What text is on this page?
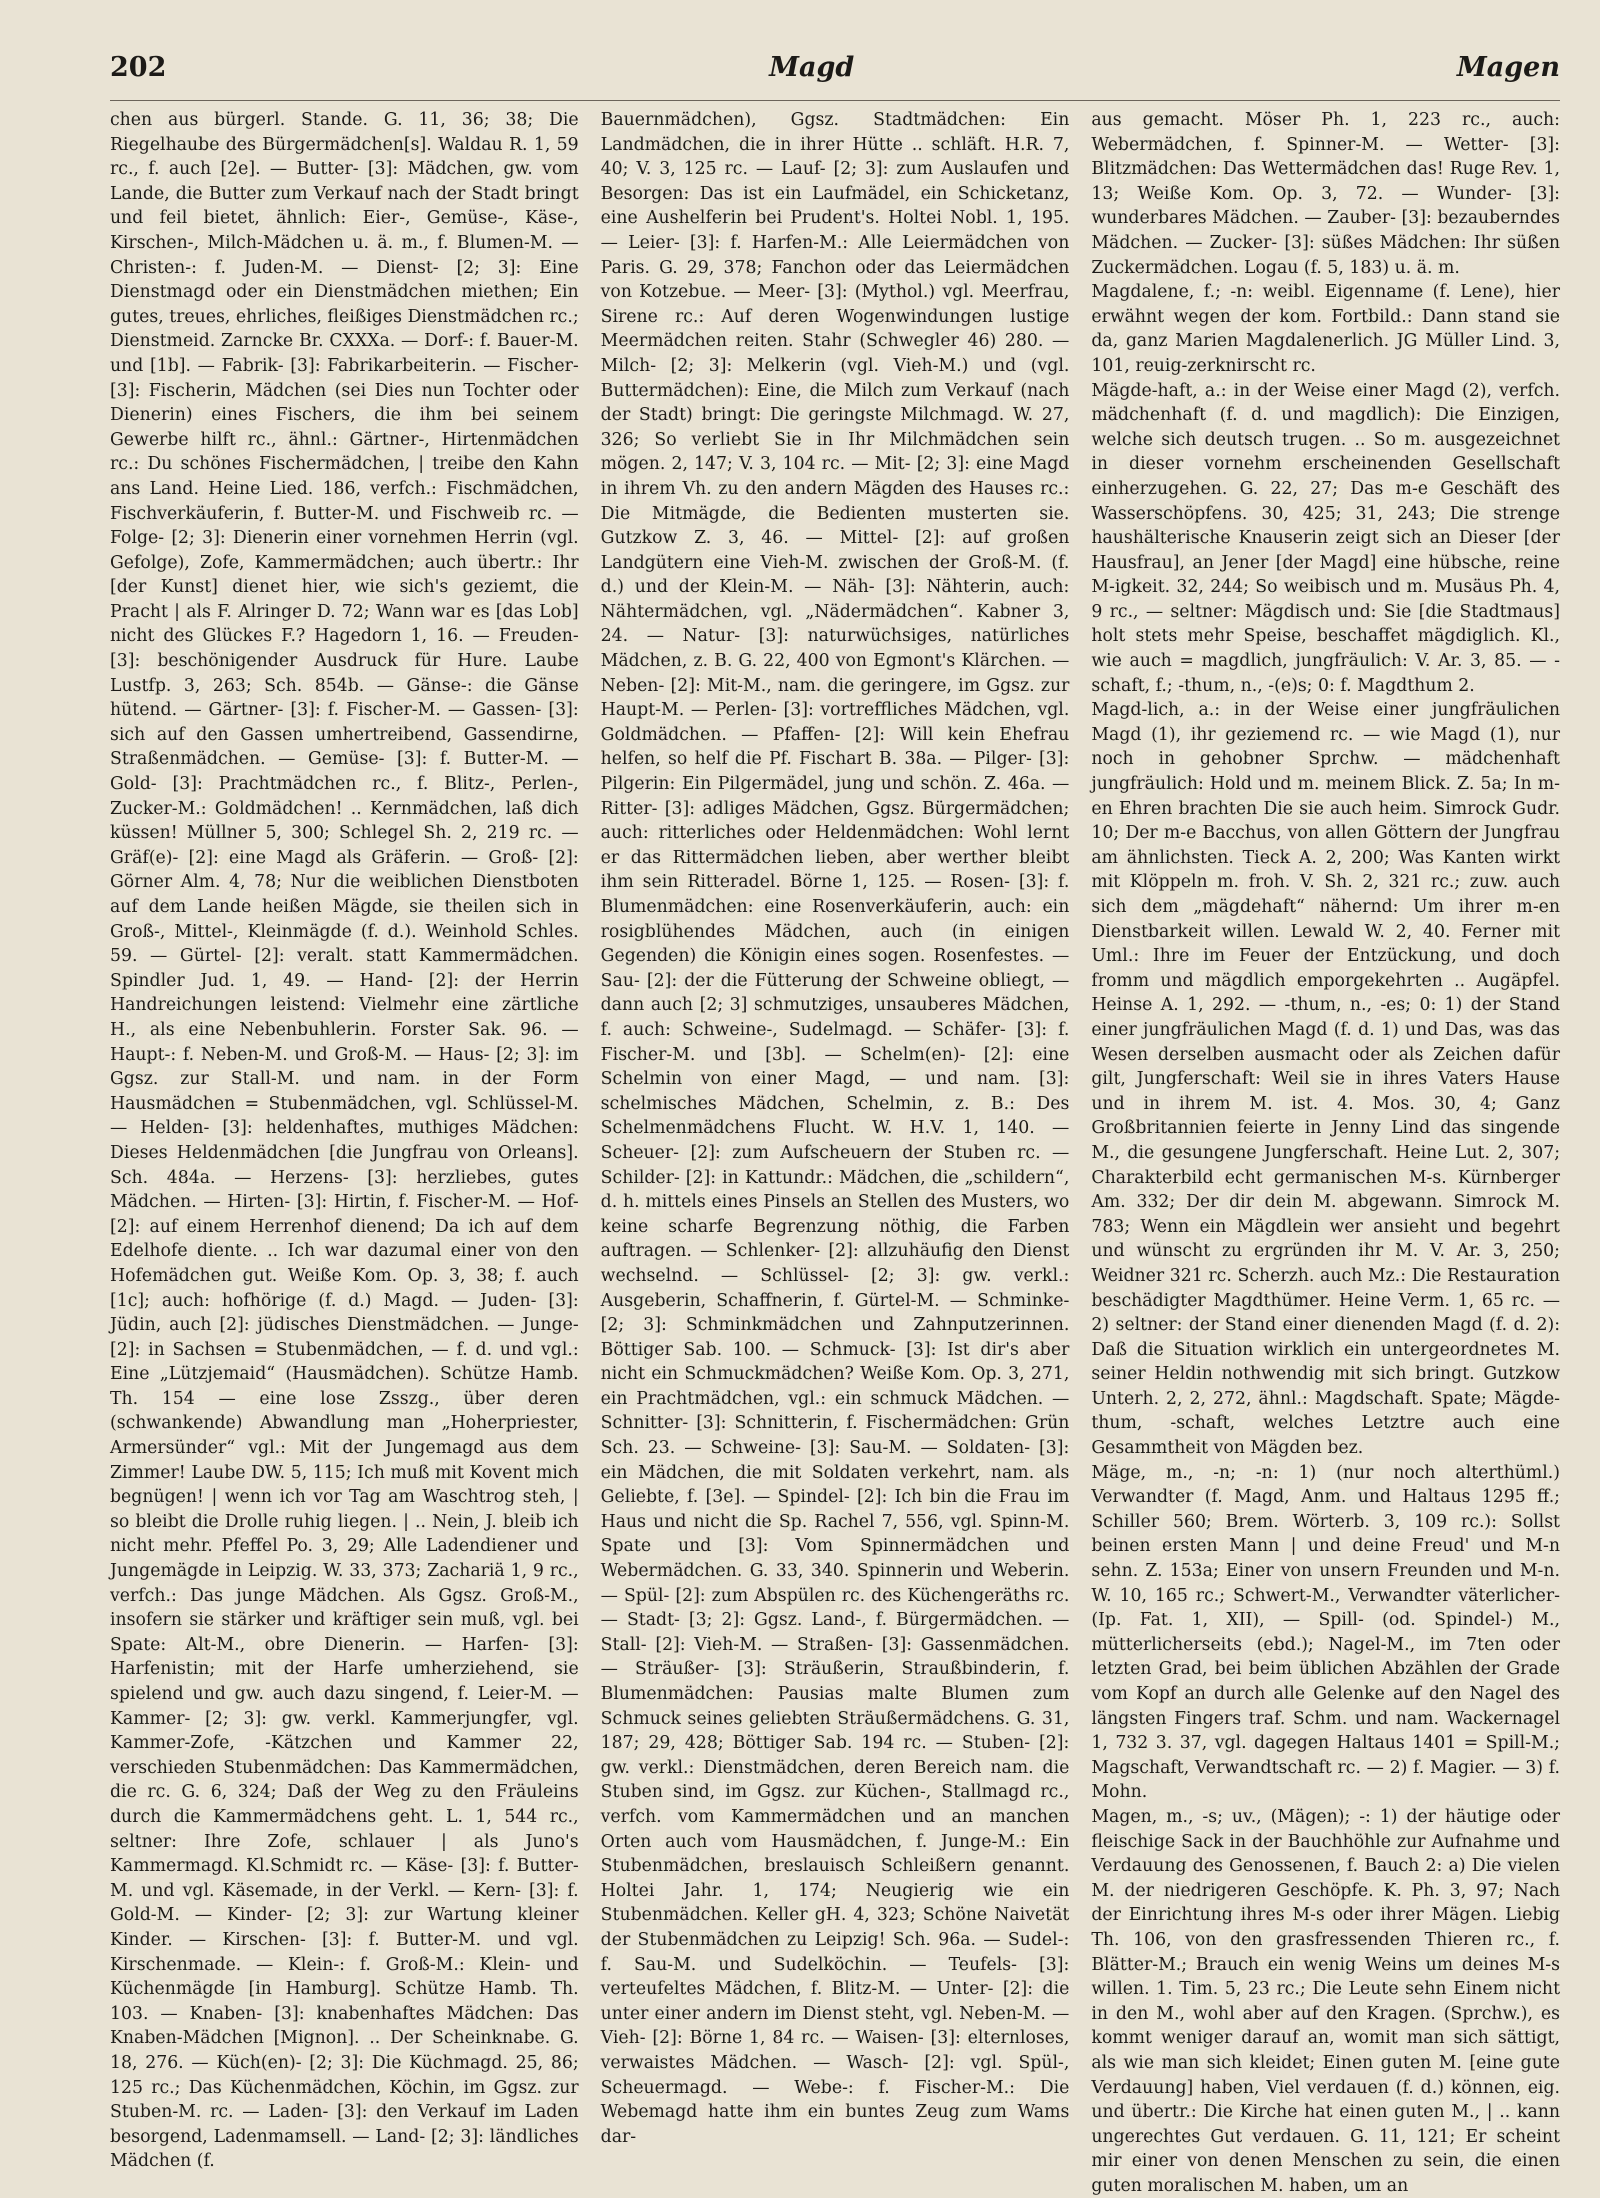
202	Magd	Magen

chen aus bürgerl. Stande. G. 11, 36; 38; Die Riegelhaube des Bürgermädchen[s]. Waldau R. 1, 59 rc., f. auch [2e]. — Butter- [3]: Mädchen, gw. vom Lande, die Butter zum Verkauf nach der Stadt bringt und feil bietet, ähnlich: Eier-, Gemüse-, Käse-, Kirschen-, Milch-Mädchen u. ä. m., f. Blumen-M. — Christen-: f. Juden-M. — Dienst- [2; 3]: Eine Dienstmagd oder ein Dienstmädchen miethen; Ein gutes, treues, ehrliches, fleißiges Dienstmädchen rc.; Dienstmeid. Zarncke Br. CXXXa. — Dorf-: f. Bauer-M. und [1b]. — Fabrik- [3]: Fabrikarbeiterin. — Fischer- [3]: Fischerin, Mädchen (sei Dies nun Tochter oder Dienerin) eines Fischers, die ihm bei seinem Gewerbe hilft rc., ähnl.: Gärtner-, Hirtenmädchen rc.: Du schönes Fischermädchen, | treibe den Kahn ans Land. Heine Lied. 186, verfch.: Fischmädchen, Fischverkäuferin, f. Butter-M. und Fischweib rc. — Folge- [2; 3]: Dienerin einer vornehmen Herrin (vgl. Gefolge), Zofe, Kammermädchen; auch übertr.: Ihr [der Kunst] dienet hier, wie sich's geziemt, die Pracht | als F. Alringer D. 72; Wann war es [das Lob] nicht des Glückes F.? Hagedorn 1, 16. — Freuden- [3]: beschönigender Ausdruck für Hure. Laube Lustfp. 3, 263; Sch. 854b. — Gänse-: die Gänse hütend. — Gärtner- [3]: f. Fischer-M. — Gassen- [3]: sich auf den Gassen umhertreibend, Gassendirne, Straßenmädchen. — Gemüse- [3]: f. Butter-M. — Gold- [3]: Prachtmädchen rc., f. Blitz-, Perlen-, Zucker-M.: Goldmädchen! .. Kernmädchen, laß dich küssen! Müllner 5, 300; Schlegel Sh. 2, 219 rc. — Gräf(e)- [2]: eine Magd als Gräferin. — Groß- [2]: Görner Alm. 4, 78; Nur die weiblichen Dienstboten auf dem Lande heißen Mägde, sie theilen sich in Groß-, Mittel-, Kleinmägde (f. d.). Weinhold Schles. 59. — Gürtel- [2]: veralt. statt Kammermädchen. Spindler Jud. 1, 49. — Hand- [2]: der Herrin Handreichungen leistend: Vielmehr eine zärtliche H., als eine Nebenbuhlerin. Forster Sak. 96. — Haupt-: f. Neben-M. und Groß-M. — Haus- [2; 3]: im Ggsz. zur Stall-M. und nam. in der Form Hausmädchen = Stubenmädchen, vgl. Schlüssel-M. — Helden- [3]: heldenhaftes, muthiges Mädchen: Dieses Heldenmädchen [die Jungfrau von Orleans]. Sch. 484a. — Herzens- [3]: herzliebes, gutes Mädchen. — Hirten- [3]: Hirtin, f. Fischer-M. — Hof- [2]: auf einem Herrenhof dienend; Da ich auf dem Edelhofe diente. .. Ich war dazumal einer von den Hofemädchen gut. Weiße Kom. Op. 3, 38; f. auch [1c]; auch: hofhörige (f. d.) Magd. — Juden- [3]: Jüdin, auch [2]: jüdisches Dienstmädchen. — Junge- [2]: in Sachsen = Stubenmädchen, — f. d. und vgl.: Eine „Lützjemaid“ (Hausmädchen). Schütze Hamb. Th. 154 — eine lose Zsszg., über deren (schwankende) Abwandlung man „Hoherpriester, Armersünder“ vgl.: Mit der Jungemagd aus dem Zimmer! Laube DW. 5, 115; Ich muß mit Kovent mich begnügen! | wenn ich vor Tag am Waschtrog steh, | so bleibt die Drolle ruhig liegen. | .. Nein, J. bleib ich nicht mehr. Pfeffel Po. 3, 29; Alle Ladendiener und Jungemägde in Leipzig. W. 33, 373; Zachariä 1, 9 rc., verfch.: Das junge Mädchen. Als Ggsz. Groß-M., insofern sie stärker und kräftiger sein muß, vgl. bei Spate: Alt-M., obre Dienerin. — Harfen- [3]: Harfenistin; mit der Harfe umherziehend, sie spielend und gw. auch dazu singend, f. Leier-M. — Kammer- [2; 3]: gw. verkl. Kammerjungfer, vgl. Kammer-Zofe, -Kätzchen und Kammer 22, verschieden Stubenmädchen: Das Kammermädchen, die rc. G. 6, 324; Daß der Weg zu den Fräuleins durch die Kammermädchens geht. L. 1, 544 rc., seltner: Ihre Zofe, schlauer | als Juno's Kammermagd. Kl.Schmidt rc. — Käse- [3]: f. Butter-M. und vgl. Käsemade, in der Verkl. — Kern- [3]: f. Gold-M. — Kinder- [2; 3]: zur Wartung kleiner Kinder. — Kirschen- [3]: f. Butter-M. und vgl. Kirschenmade. — Klein-: f. Groß-M.: Klein- und Küchenmägde [in Hamburg]. Schütze Hamb. Th. 103. — Knaben- [3]: knabenhaftes Mädchen: Das Knaben-Mädchen [Mignon]. .. Der Scheinknabe. G. 18, 276. — Küch(en)- [2; 3]: Die Küchmagd. 25, 86; 125 rc.; Das Küchenmädchen, Köchin, im Ggsz. zur Stuben-M. rc. — Laden- [3]: den Verkauf im Laden besorgend, Ladenmamsell. — Land- [2; 3]: ländliches Mädchen (f.

Bauernmädchen), Ggsz. Stadtmädchen: Ein Landmädchen, die in ihrer Hütte .. schläft. H.R. 7, 40; V. 3, 125 rc. — Lauf- [2; 3]: zum Auslaufen und Besorgen: Das ist ein Laufmädel, ein Schicketanz, eine Aushelferin bei Prudent's. Holtei Nobl. 1, 195. — Leier- [3]: f. Harfen-M.: Alle Leiermädchen von Paris. G. 29, 378; Fanchon oder das Leiermädchen von Kotzebue. — Meer- [3]: (Mythol.) vgl. Meerfrau, Sirene rc.: Auf deren Wogenwindungen lustige Meermädchen reiten. Stahr (Schwegler 46) 280. — Milch- [2; 3]: Melkerin (vgl. Vieh-M.) und (vgl. Buttermädchen): Eine, die Milch zum Verkauf (nach der Stadt) bringt: Die geringste Milchmagd. W. 27, 326; So verliebt Sie in Ihr Milchmädchen sein mögen. 2, 147; V. 3, 104 rc. — Mit- [2; 3]: eine Magd in ihrem Vh. zu den andern Mägden des Hauses rc.: Die Mitmägde, die Bedienten musterten sie. Gutzkow Z. 3, 46. — Mittel- [2]: auf großen Landgütern eine Vieh-M. zwischen der Groß-M. (f. d.) und der Klein-M. — Näh- [3]: Nähterin, auch: Nähtermädchen, vgl. „Nädermädchen“. Kabner 3, 24. — Natur- [3]: naturwüchsiges, natürliches Mädchen, z. B. G. 22, 400 von Egmont's Klärchen. — Neben- [2]: Mit-M., nam. die geringere, im Ggsz. zur Haupt-M. — Perlen- [3]: vortreffliches Mädchen, vgl. Goldmädchen. — Pfaffen- [2]: Will kein Ehefrau helfen, so helf die Pf. Fischart B. 38a. — Pilger- [3]: Pilgerin: Ein Pilgermädel, jung und schön. Z. 46a. — Ritter- [3]: adliges Mädchen, Ggsz. Bürgermädchen; auch: ritterliches oder Heldenmädchen: Wohl lernt er das Rittermädchen lieben, aber werther bleibt ihm sein Ritteradel. Börne 1, 125. — Rosen- [3]: f. Blumenmädchen: eine Rosenverkäuferin, auch: ein rosigblühendes Mädchen, auch (in einigen Gegenden) die Königin eines sogen. Rosenfestes. — Sau- [2]: der die Fütterung der Schweine obliegt, — dann auch [2; 3] schmutziges, unsauberes Mädchen, f. auch: Schweine-, Sudelmagd. — Schäfer- [3]: f. Fischer-M. und [3b]. — Schelm(en)- [2]: eine Schelmin von einer Magd, — und nam. [3]: schelmisches Mädchen, Schelmin, z. B.: Des Schelmenmädchens Flucht. W. H.V. 1, 140. — Scheuer- [2]: zum Aufscheuern der Stuben rc. — Schilder- [2]: in Kattundr.: Mädchen, die „schildern“, d. h. mittels eines Pinsels an Stellen des Musters, wo keine scharfe Begrenzung nöthig, die Farben auftragen. — Schlenker- [2]: allzuhäufig den Dienst wechselnd. — Schlüssel- [2; 3]: gw. verkl.: Ausgeberin, Schaffnerin, f. Gürtel-M. — Schminke- [2; 3]: Schminkmädchen und Zahnputzerinnen. Böttiger Sab. 100. — Schmuck- [3]: Ist dir's aber nicht ein Schmuckmädchen? Weiße Kom. Op. 3, 271, ein Prachtmädchen, vgl.: ein schmuck Mädchen. — Schnitter- [3]: Schnitterin, f. Fischermädchen: Grün Sch. 23. — Schweine- [3]: Sau-M. — Soldaten- [3]: ein Mädchen, die mit Soldaten verkehrt, nam. als Geliebte, f. [3e]. — Spindel- [2]: Ich bin die Frau im Haus und nicht die Sp. Rachel 7, 556, vgl. Spinn-M. Spate und [3]: Vom Spinnermädchen und Webermädchen. G. 33, 340. Spinnerin und Weberin. — Spül- [2]: zum Abspülen rc. des Küchengeräths rc. — Stadt- [3; 2]: Ggsz. Land-, f. Bürgermädchen. — Stall- [2]: Vieh-M. — Straßen- [3]: Gassenmädchen. — Sträußer- [3]: Sträußerin, Straußbinderin, f. Blumenmädchen: Pausias malte Blumen zum Schmuck seines geliebten Sträußermädchens. G. 31, 187; 29, 428; Böttiger Sab. 194 rc. — Stuben- [2]: gw. verkl.: Dienstmädchen, deren Bereich nam. die Stuben sind, im Ggsz. zur Küchen-, Stallmagd rc., verfch. vom Kammermädchen und an manchen Orten auch vom Hausmädchen, f. Junge-M.: Ein Stubenmädchen, breslauisch Schleißern genannt. Holtei Jahr. 1, 174; Neugierig wie ein Stubenmädchen. Keller gH. 4, 323; Schöne Naivetät der Stubenmädchen zu Leipzig! Sch. 96a. — Sudel-: f. Sau-M. und Sudelköchin. — Teufels- [3]: verteufeltes Mädchen, f. Blitz-M. — Unter- [2]: die unter einer andern im Dienst steht, vgl. Neben-M. — Vieh- [2]: Börne 1, 84 rc. — Waisen- [3]: elternloses, verwaistes Mädchen. — Wasch- [2]: vgl. Spül-, Scheuermagd. — Webe-: f. Fischer-M.: Die Webemagd hatte ihm ein buntes Zeug zum Wams dar-

aus gemacht. Möser Ph. 1, 223 rc., auch: Webermädchen, f. Spinner-M. — Wetter- [3]: Blitzmädchen: Das Wettermädchen das! Ruge Rev. 1, 13; Weiße Kom. Op. 3, 72. — Wunder- [3]: wunderbares Mädchen. — Zauber- [3]: bezauberndes Mädchen. — Zucker- [3]: süßes Mädchen: Ihr süßen Zuckermädchen. Logau (f. 5, 183) u. ä. m.

Magdalene, f.; -n: weibl. Eigenname (f. Lene), hier erwähnt wegen der kom. Fortbild.: Dann stand sie da, ganz Marien Magdalenerlich. JG Müller Lind. 3, 101, reuig-zerknirscht rc.

Mägde-haft, a.: in der Weise einer Magd (2), verfch. mädchenhaft (f. d. und magdlich): Die Einzigen, welche sich deutsch trugen. .. So m. ausgezeichnet in dieser vornehm erscheinenden Gesellschaft einherzugehen. G. 22, 27; Das m-e Geschäft des Wasserschöpfens. 30, 425; 31, 243; Die strenge haushälterische Knauserin zeigt sich an Dieser [der Hausfrau], an Jener [der Magd] eine hübsche, reine M-igkeit. 32, 244; So weibisch und m. Musäus Ph. 4, 9 rc., — seltner: Mägdisch und: Sie [die Stadtmaus] holt stets mehr Speise, beschaffet mägdiglich. Kl., wie auch = magdlich, jungfräulich: V. Ar. 3, 85. — -schaft, f.; -thum, n., -(e)s; 0: f. Magdthum 2.

Magd-lich, a.: in der Weise einer jungfräulichen Magd (1), ihr geziemend rc. — wie Magd (1), nur noch in gehobner Sprchw. — mädchenhaft jungfräulich: Hold und m. meinem Blick. Z. 5a; In m-en Ehren brachten Die sie auch heim. Simrock Gudr. 10; Der m-e Bacchus, von allen Göttern der Jungfrau am ähnlichsten. Tieck A. 2, 200; Was Kanten wirkt mit Klöppeln m. froh. V. Sh. 2, 321 rc.; zuw. auch sich dem „mägdehaft“ nähernd: Um ihrer m-en Dienstbarkeit willen. Lewald W. 2, 40. Ferner mit Uml.: Ihre im Feuer der Entzückung, und doch fromm und mägdlich emporgekehrten .. Augäpfel. Heinse A. 1, 292. — -thum, n., -es; 0: 1) der Stand einer jungfräulichen Magd (f. d. 1) und Das, was das Wesen derselben ausmacht oder als Zeichen dafür gilt, Jungferschaft: Weil sie in ihres Vaters Hause und in ihrem M. ist. 4. Mos. 30, 4; Ganz Großbritannien feierte in Jenny Lind das singende M., die gesungene Jungferschaft. Heine Lut. 2, 307; Charakterbild echt germanischen M-s. Kürnberger Am. 332; Der dir dein M. abgewann. Simrock M. 783; Wenn ein Mägdlein wer ansieht und begehrt und wünscht zu ergründen ihr M. V. Ar. 3, 250; Weidner 321 rc. Scherzh. auch Mz.: Die Restauration beschädigter Magdthümer. Heine Verm. 1, 65 rc. — 2) seltner: der Stand einer dienenden Magd (f. d. 2): Daß die Situation wirklich ein untergeordnetes M. seiner Heldin nothwendig mit sich bringt. Gutzkow Unterh. 2, 2, 272, ähnl.: Magdschaft. Spate; Mägde-thum, -schaft, welches Letztre auch eine Gesammtheit von Mägden bez.

Mäge, m., -n; -n: 1) (nur noch alterthüml.) Verwandter (f. Magd, Anm. und Haltaus 1295 ff.; Schiller 560; Brem. Wörterb. 3, 109 rc.): Sollst beinen ersten Mann | und deine Freud' und M-n sehn. Z. 153a; Einer von unsern Freunden und M-n. W. 10, 165 rc.; Schwert-M., Verwandter väterlicher- (Ip. Fat. 1, XII), — Spill- (od. Spindel-) M., mütterlicherseits (ebd.); Nagel-M., im 7ten oder letzten Grad, bei beim üblichen Abzählen der Grade vom Kopf an durch alle Gelenke auf den Nagel des längsten Fingers traf. Schm. und nam. Wackernagel 1, 732 3. 37, vgl. dagegen Haltaus 1401 = Spill-M.; Magschaft, Verwandtschaft rc. — 2) f. Magier. — 3) f. Mohn.

Magen, m., -s; uv., (Mägen); -: 1) der häutige oder fleischige Sack in der Bauchhöhle zur Aufnahme und Verdauung des Genossenen, f. Bauch 2: a) Die vielen M. der niedrigeren Geschöpfe. K. Ph. 3, 97; Nach der Einrichtung ihres M-s oder ihrer Mägen. Liebig Th. 106, von den grasfressenden Thieren rc., f. Blätter-M.; Brauch ein wenig Weins um deines M-s willen. 1. Tim. 5, 23 rc.; Die Leute sehn Einem nicht in den M., wohl aber auf den Kragen. (Sprchw.), es kommt weniger darauf an, womit man sich sättigt, als wie man sich kleidet; Einen guten M. [eine gute Verdauung] haben, Viel verdauen (f. d.) können, eig. und übertr.: Die Kirche hat einen guten M., | .. kann ungerechtes Gut verdauen. G. 11, 121; Er scheint mir einer von denen Menschen zu sein, die einen guten moralischen M. haben, um an
